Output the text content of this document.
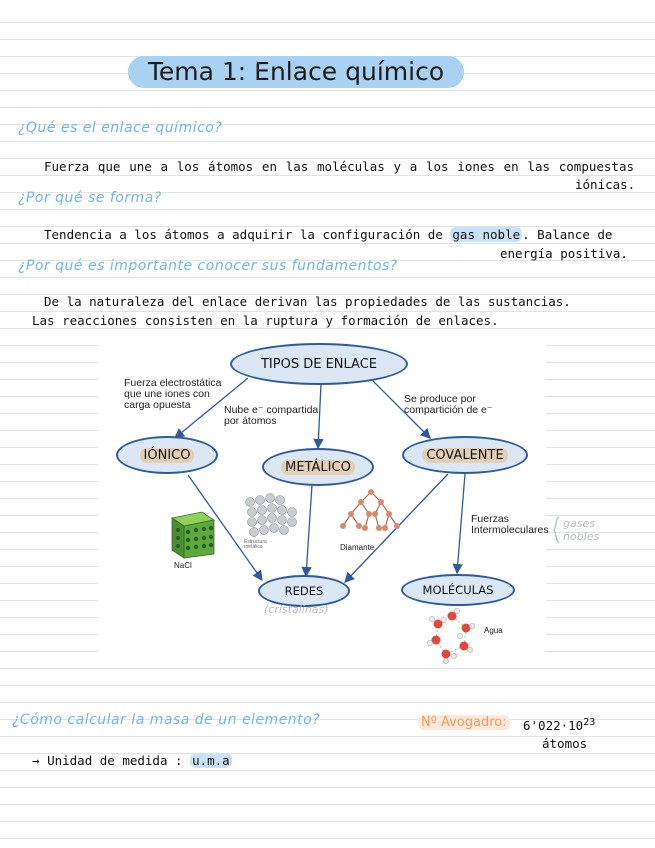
Tema 1: Enlace químico
¿Qué es el enlace químico?
Fuerza que une a los átomos en las moléculas y a los iones en las compuestas
iónicas.
¿Por qué se forma?
Tendencia a los átomos a adquirir la configuración de gas noble . Balance de
energía positiva.
¿Por qué es importante conocer sus fundamentos?
De la naturaleza del enlace derivan las propiedades de las sustancias.
Las reacciones consisten en la ruptura y formación de enlaces.
TIPOS DE ENLACE
IÓNICO
METÁLICO
COVALENTE
REDES	MOLÉCULAS
Fuerza electrostática que une iones con carga opuesta	Nube e⁻ compartida por átomos
Se produce por compartición de e⁻
Fuerzas Intermoleculares
NaCl
Estructura metálica	Diamante
Agua
(cristalinas)
gases nobles
¿Cómo calcular la masa de un elemento?	Nº Avogadro: $6'022\cdot 10^{23}$
átomos
→ Unidad de medida : u.m.a
